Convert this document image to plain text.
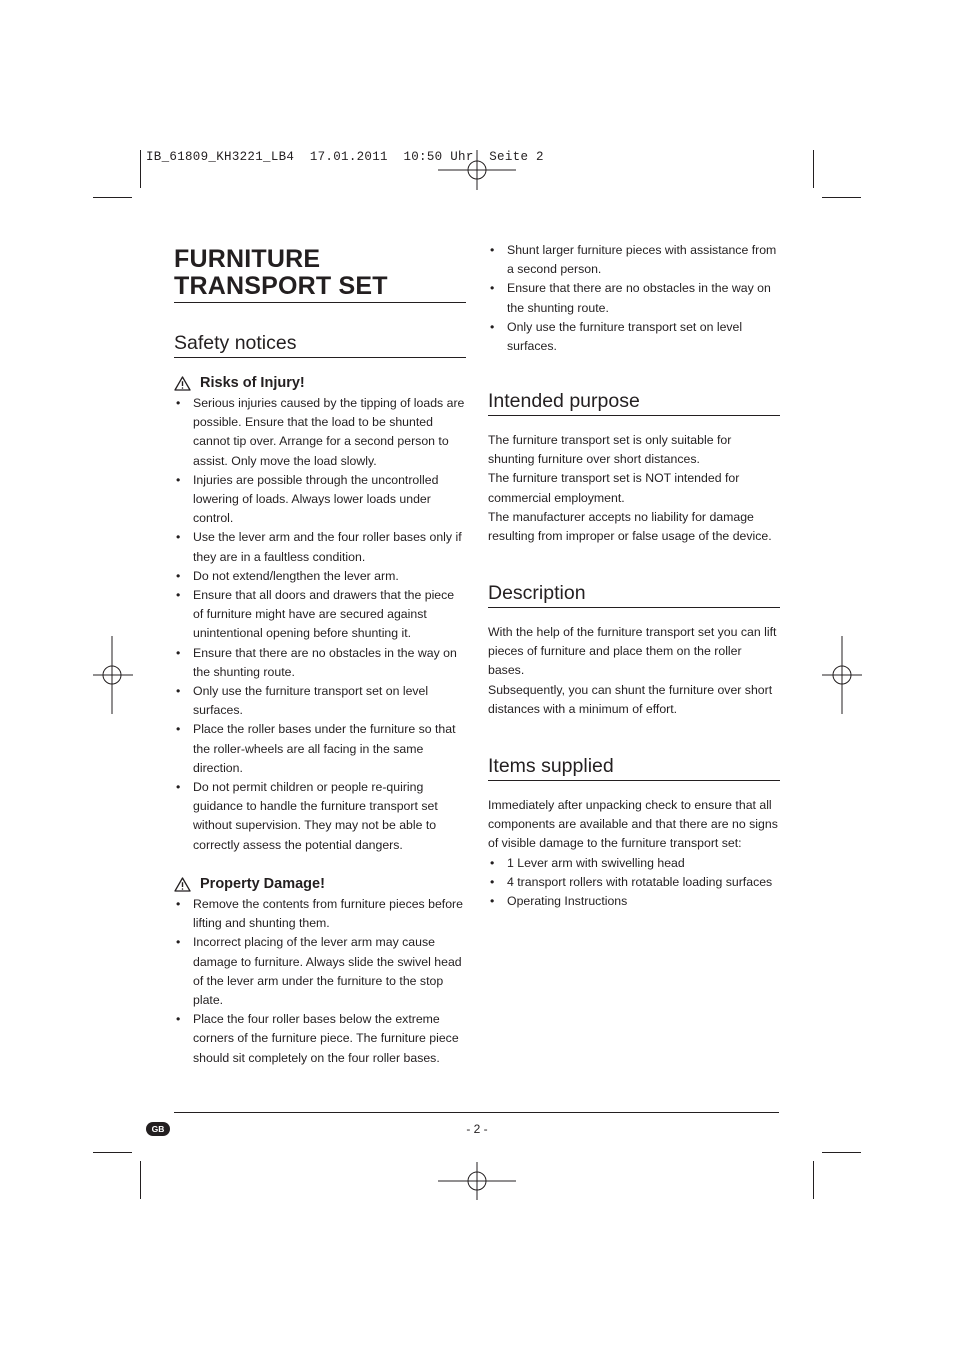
IB_61809_KH3221_LB4  17.01.2011  10:50 Uhr  Seite 2
FURNITURE TRANSPORT SET
Safety notices
Risks of Injury!
• Serious injuries caused by the tipping of loads are possible. Ensure that the load to be shunted cannot tip over. Arrange for a second person to assist. Only move the load slowly.
• Injuries are possible through the uncontrolled lowering of loads. Always lower loads under control.
• Use the lever arm and the four roller bases only if they are in a faultless condition.
• Do not extend/lengthen the lever arm.
• Ensure that all doors and drawers that the piece of furniture might have are secured against unintentional opening before shunting it.
• Ensure that there are no obstacles in the way on the shunting route.
• Only use the furniture transport set on level surfaces.
• Place the roller bases under the furniture so that the roller-wheels are all facing in the same direction.
• Do not permit children or people re-quiring guidance to handle the furniture transport set without supervision. They may not be able to correctly assess the potential dangers.
Property Damage!
• Remove the contents from furniture pieces before lifting and shunting them.
• Incorrect placing of the lever arm may cause damage to furniture. Always slide the swivel head of the lever arm under the furniture to the stop plate.
• Place the four roller bases below the extreme corners of the furniture piece. The furniture piece should sit completely on the four roller bases.
• Shunt larger furniture pieces with assistance from a second person.
• Ensure that there are no obstacles in the way on the shunting route.
• Only use the furniture transport set on level surfaces.
Intended purpose

The furniture transport set is only suitable for shunting furniture over short distances.

The furniture transport set is NOT intended for commercial employment.

The manufacturer accepts no liability for damage resulting from improper or false usage of the device.

Description

With the help of the furniture transport set you can lift pieces of furniture and place them on the roller bases.

Subsequently, you can shunt the furniture over short distances with a minimum of effort.

Items supplied

Immediately after unpacking check to ensure that all components are available and that there are no signs of visible damage to the furniture transport set:

• 1 Lever arm with swivelling head
• 4 transport rollers with rotatable loading surfaces
• Operating Instructions
GB	- 2 -
